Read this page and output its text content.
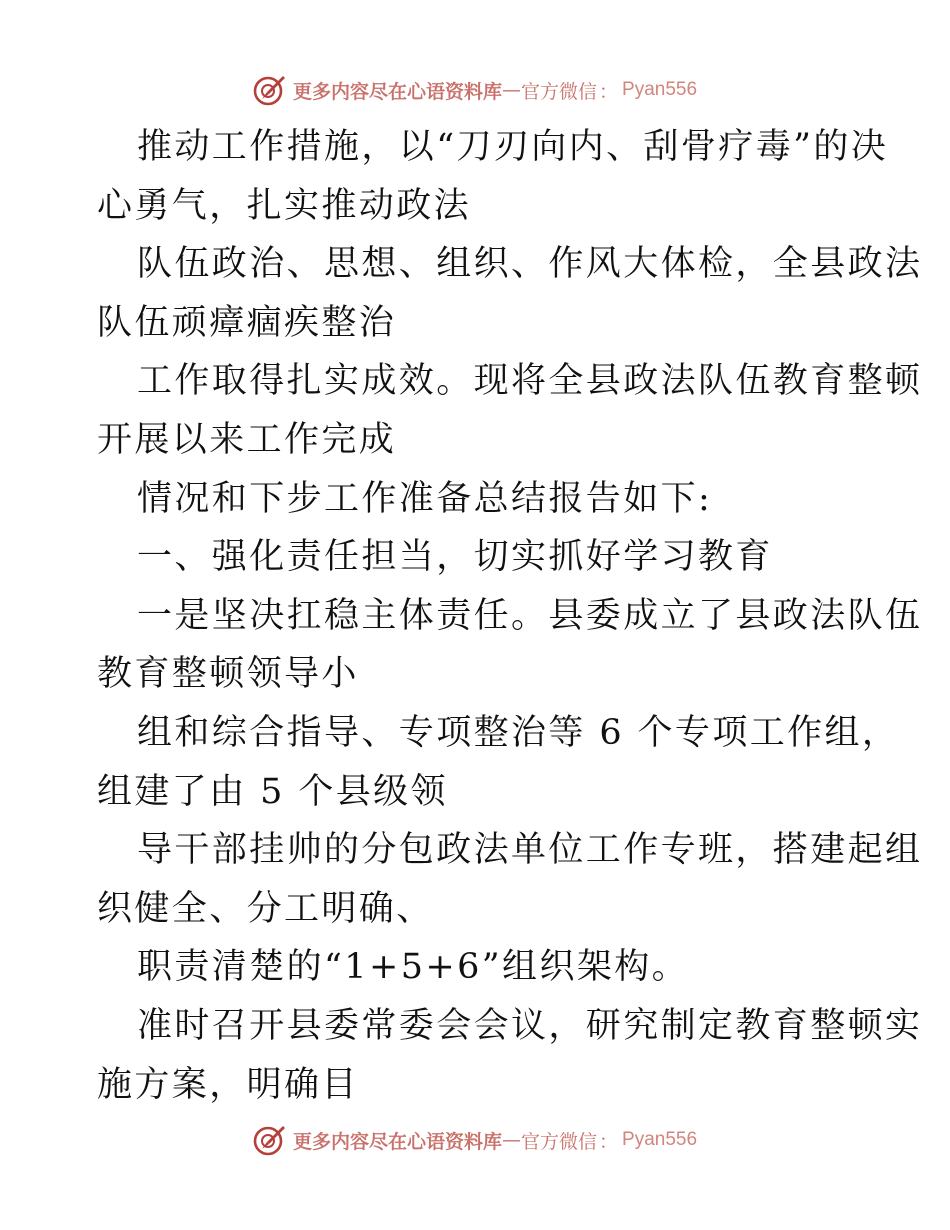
更多内容尽在心语资料库 — 官方微信 ： Pyan556
推动工作措施，以“刀刃向内、刮骨疗毒”的决
心勇气，扎实推动政法
队伍政治、思想、组织、作风大体检，全县政法
队伍顽瘴痼疾整治
工作取得扎实成效。现将全县政法队伍教育整顿
开展以来工作完成
情况和下步工作准备总结报告如下:
一、强化责任担当，切实抓好学习教育
一是坚决扛稳主体责任。县委成立了县政法队伍
教育整顿领导小
组和综合指导、专项整治等 6 个专项工作组，
组建了由 5 个县级领
导干部挂帅的分包政法单位工作专班，搭建起组
织健全、分工明确、
职责清楚的“1+5+6”组织架构。
准时召开县委常委会会议，研究制定教育整顿实
施方案，明确目
更多内容尽在心语资料库 — 官方微信 ： Pyan556
